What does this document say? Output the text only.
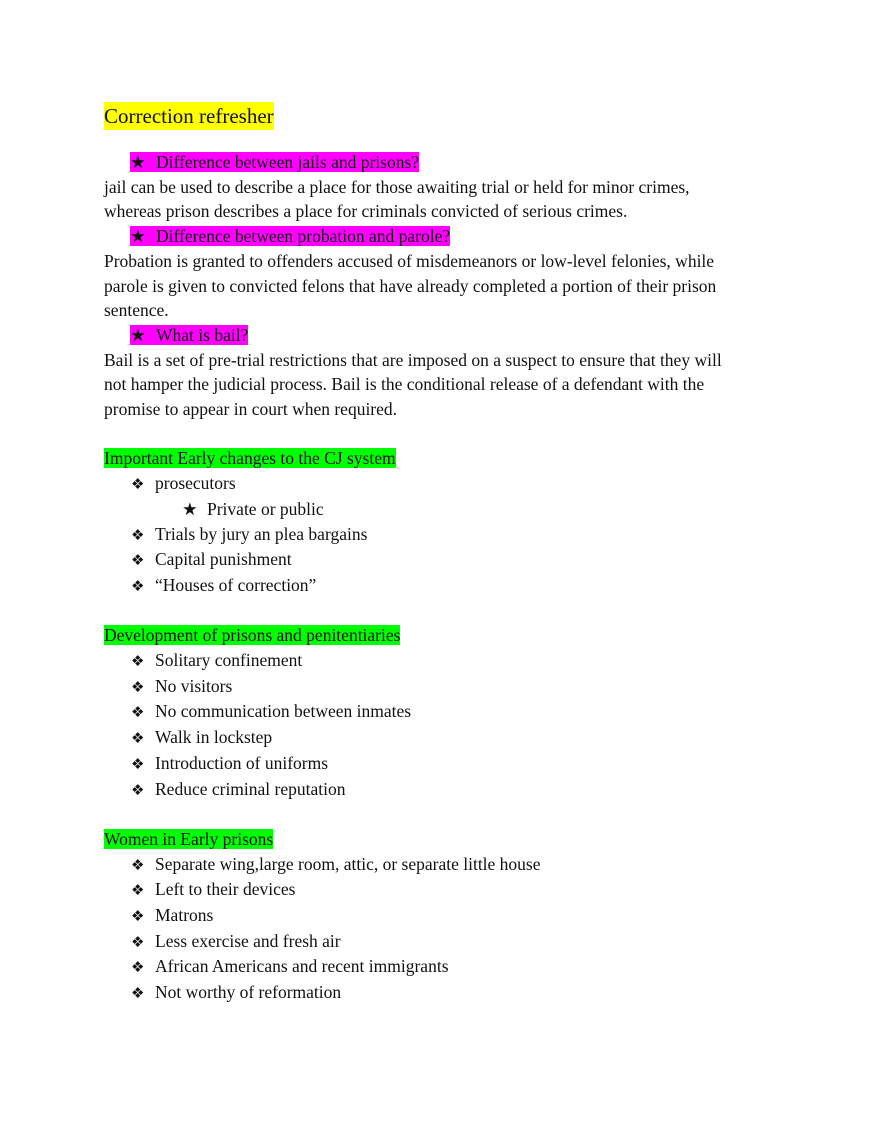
Correction refresher
★ Difference between jails and prisons?

jail can be used to describe a place for those awaiting trial or held for minor crimes,

whereas prison describes a place for criminals convicted of serious crimes.

★ Difference between probation and parole?

Probation is granted to offenders accused of misdemeanors or low-level felonies, while

parole is given to convicted felons that have already completed a portion of their prison

sentence.

★ What is bail?

Bail is a set of pre-trial restrictions that are imposed on a suspect to ensure that they will

not hamper the judicial process. Bail is the conditional release of a defendant with the

promise to appear in court when required.

Important Early changes to the CJ system
❖ prosecutors
★ Private or public
❖ Trials by jury an plea bargains
❖ Capital punishment
❖ “Houses of correction”
Development of prisons and penitentiaries
❖ Solitary confinement
❖ No visitors
❖ No communication between inmates
❖ Walk in lockstep
❖ Introduction of uniforms
❖ Reduce criminal reputation
Women in Early prisons
❖ Separate wing,large room, attic, or separate little house
❖ Left to their devices
❖ Matrons
❖ Less exercise and fresh air
❖ African Americans and recent immigrants
❖ Not worthy of reformation
